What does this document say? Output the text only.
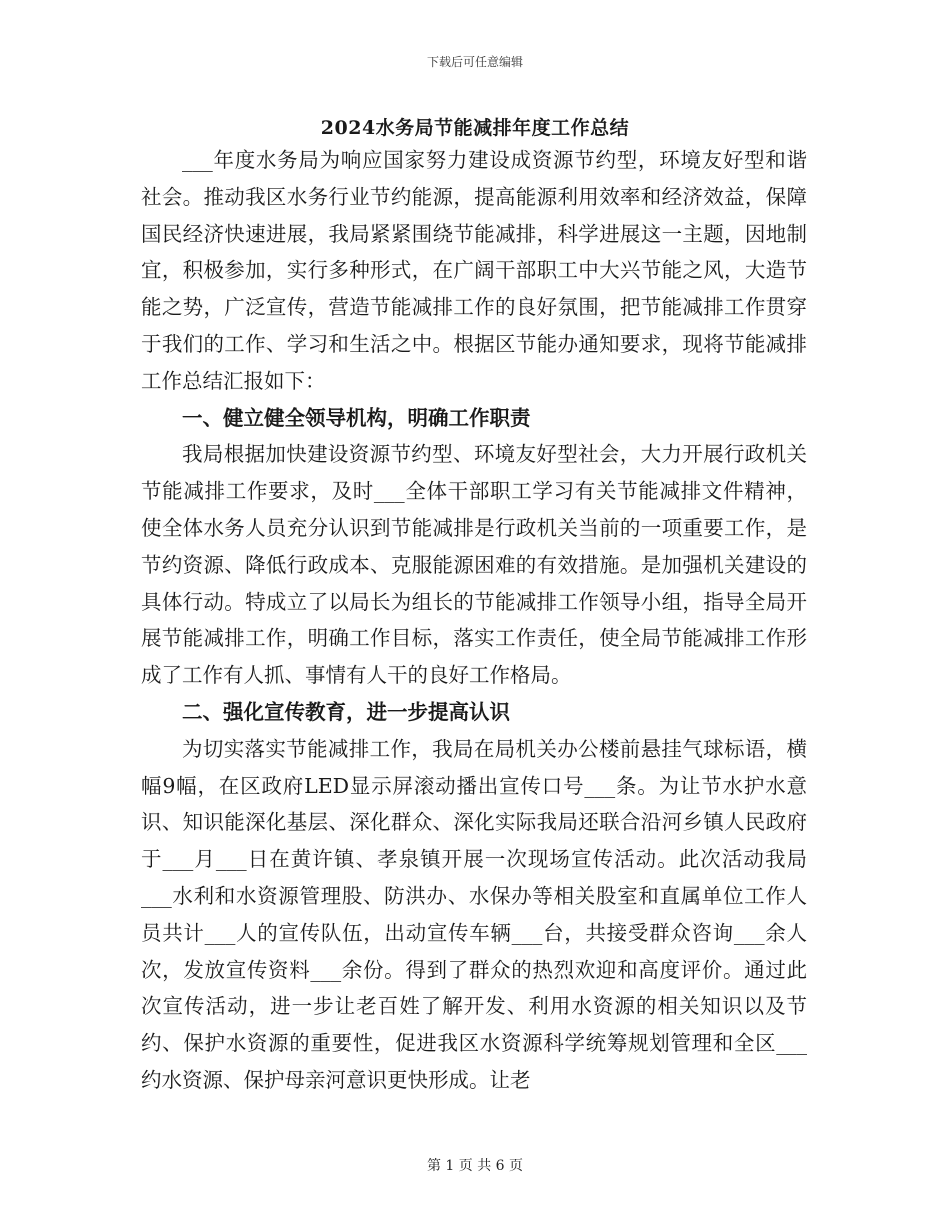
下载后可任意编辑
2024水务局节能减排年度工作总结

___年度水务局为响应国家努力建设成资源节约型，环境友好型和谐社会。推动我区水务行业节约能源，提高能源利用效率和经济效益，保障国民经济快速进展，我局紧紧围绕节能减排，科学进展这一主题，因地制宜，积极参加，实行多种形式，在广阔干部职工中大兴节能之风，大造节能之势，广泛宣传，营造节能减排工作的良好氛围，把节能减排工作贯穿于我们的工作、学习和生活之中。根据区节能办通知要求，现将节能减排工作总结汇报如下：

一、健立健全领导机构，明确工作职责

我局根据加快建设资源节约型、环境友好型社会，大力开展行政机关节能减排工作要求，及时___全体干部职工学习有关节能减排文件精神，使全体水务人员充分认识到节能减排是行政机关当前的一项重要工作，是节约资源、降低行政成本、克服能源困难的有效措施。是加强机关建设的具体行动。特成立了以局长为组长的节能减排工作领导小组，指导全局开展节能减排工作，明确工作目标，落实工作责任，使全局节能减排工作形成了工作有人抓、事情有人干的良好工作格局。

二、强化宣传教育，进一步提高认识

为切实落实节能减排工作，我局在局机关办公楼前悬挂气球标语，横幅9幅，在区政府LED显示屏滚动播出宣传口号___条。为让节水护水意识、知识能深化基层、深化群众、深化实际我局还联合沿河乡镇人民政府于___月___日在黄许镇、孝泉镇开展一次现场宣传活动。此次活动我局___水利和水资源管理股、防洪办、水保办等相关股室和直属单位工作人员共计___人的宣传队伍，出动宣传车辆___台，共接受群众咨询___余人次，发放宣传资料___余份。得到了群众的热烈欢迎和高度评价。通过此次宣传活动，进一步让老百姓了解开发、利用水资源的相关知识以及节约、保护水资源的重要性，促进我区水资源科学统筹规划管理和全区___约水资源、保护母亲河意识更快形成。让老

第 1 页 共 6 页
